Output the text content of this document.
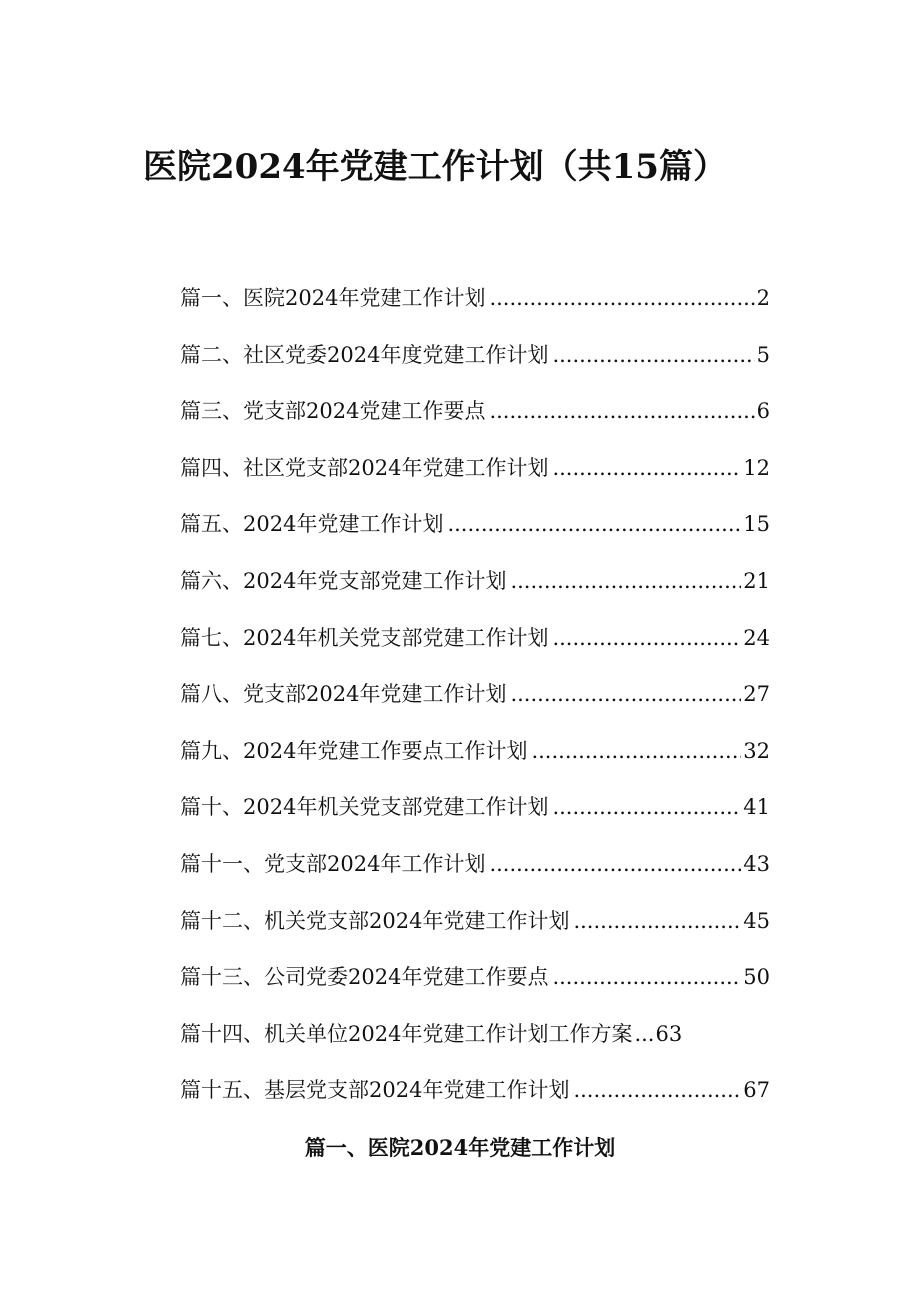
医院2024年党建工作计划（共15篇）
篇一、医院2024年党建工作计划 .....	2
篇二、社区党委2024年度党建工作计划 .....	5
篇三、党支部2024党建工作要点 .....	6
篇四、社区党支部2024年党建工作计划 .....	12
篇五、2024年党建工作计划 .....	15
篇六、2024年党支部党建工作计划 .....	21
篇七、2024年机关党支部党建工作计划 .....	24
篇八、党支部2024年党建工作计划 .....	27
篇九、2024年党建工作要点工作计划 .....	32
篇十、2024年机关党支部党建工作计划 .....	41
篇十一、党支部2024年工作计划 .....	43
篇十二、机关党支部2024年党建工作计划 .....	45
篇十三、公司党委2024年党建工作要点 .....	50
篇十四、机关单位2024年党建工作计划工作方案 ..... 63
篇十五、基层党支部2024年党建工作计划 .....	67
篇一、医院2024年党建工作计划
